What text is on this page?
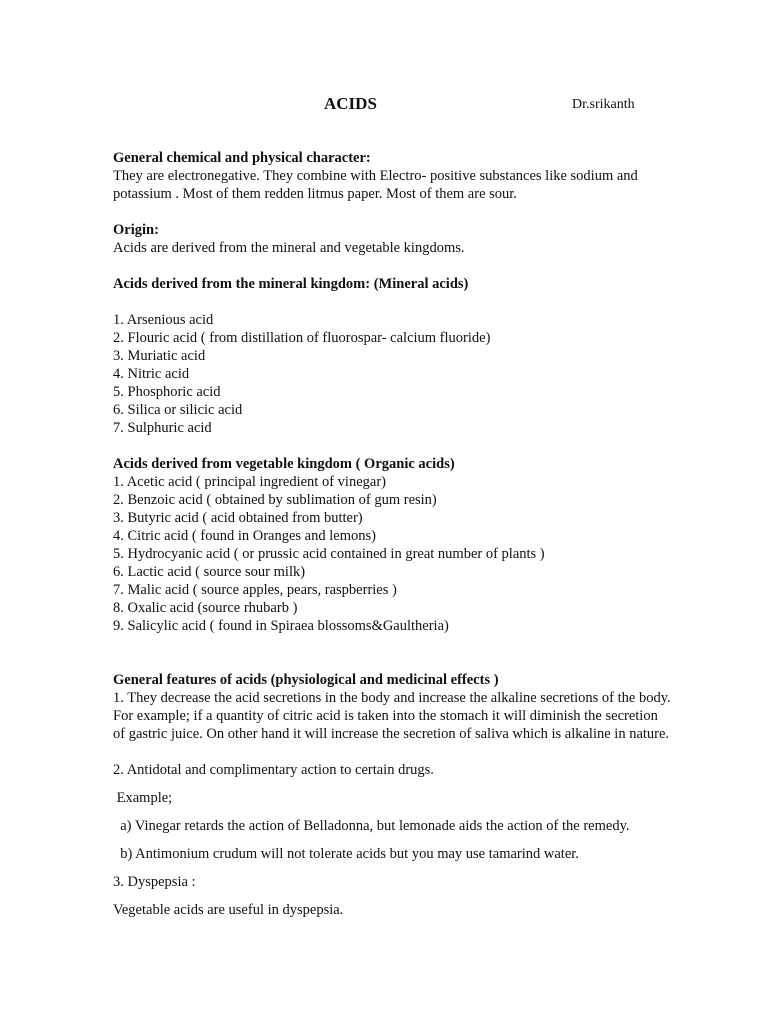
ACIDS	Dr.srikanth

General chemical and physical character:

They are electronegative. They combine with Electro- positive substances like sodium and potassium . Most of them redden litmus paper. Most of them are sour.

Origin:

Acids are derived from the mineral and vegetable kingdoms.

Acids derived from the mineral kingdom: (Mineral acids)

1. Arsenious acid
2. Flouric acid ( from distillation of fluorospar- calcium fluoride)
3. Muriatic acid
4. Nitric acid
5. Phosphoric acid
6. Silica or silicic acid
7. Sulphuric acid

Acids derived from vegetable kingdom ( Organic acids)

1. Acetic acid ( principal ingredient of vinegar)
2. Benzoic acid ( obtained by sublimation of gum resin)
3. Butyric acid ( acid obtained from butter)
4. Citric acid ( found in Oranges and lemons)
5. Hydrocyanic acid ( or prussic acid contained in great number of plants )
6. Lactic acid ( source sour milk)
7. Malic acid ( source apples, pears, raspberries )
8. Oxalic acid (source rhubarb )
9. Salicylic acid ( found in Spiraea blossoms&Gaultheria)

General features of acids (physiological and medicinal effects )

1. They decrease the acid secretions in the body and increase the alkaline secretions of the body. For example; if a quantity of citric acid is taken into the stomach it will diminish the secretion of gastric juice. On other hand it will increase the secretion of saliva which is alkaline in nature.

2. Antidotal and complimentary action to certain drugs.

Example;

a) Vinegar retards the action of Belladonna, but lemonade aids the action of the remedy.

b) Antimonium crudum will not tolerate acids but you may use tamarind water.

3. Dyspepsia :

Vegetable acids are useful in dyspepsia.
